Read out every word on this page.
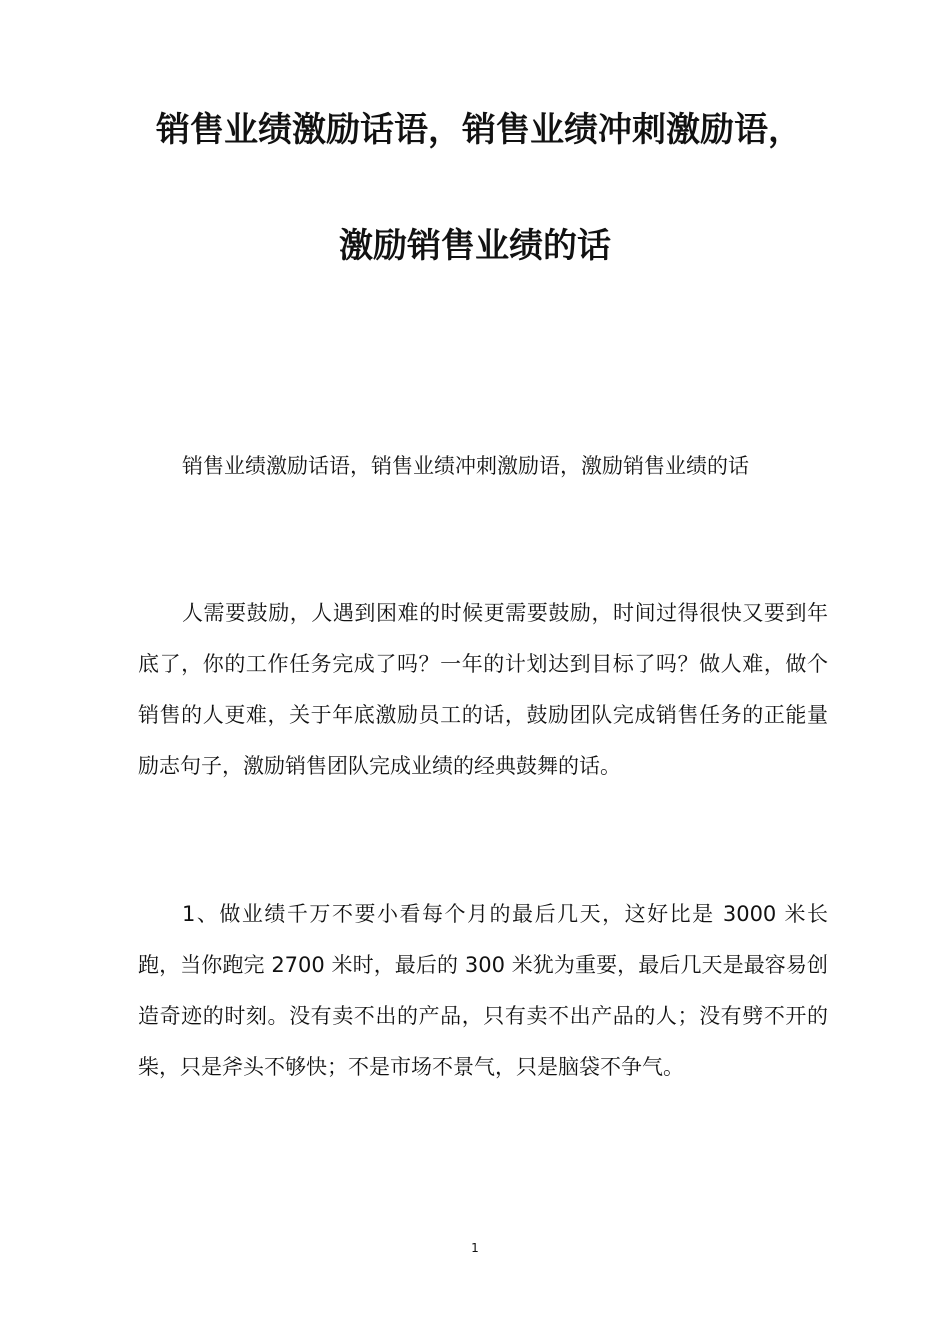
销售业绩激励话语，销售业绩冲刺激励语，
激励销售业绩的话

销售业绩激励话语，销售业绩冲刺激励语，激励销售业绩的话

人需要鼓励，人遇到困难的时候更需要鼓励，时间过得很快又要到年底了，你的工作任务完成了吗？一年的计划达到目标了吗？做人难，做个销售的人更难，关于年底激励员工的话，鼓励团队完成销售任务的正能量励志句子，激励销售团队完成业绩的经典鼓舞的话。

1、做业绩千万不要小看每个月的最后几天，这好比是 3000 米长跑，当你跑完 2700 米时，最后的 300 米犹为重要，最后几天是最容易创造奇迹的时刻。没有卖不出的产品，只有卖不出产品的人；没有劈不开的柴，只是斧头不够快；不是市场不景气，只是脑袋不争气。

1
